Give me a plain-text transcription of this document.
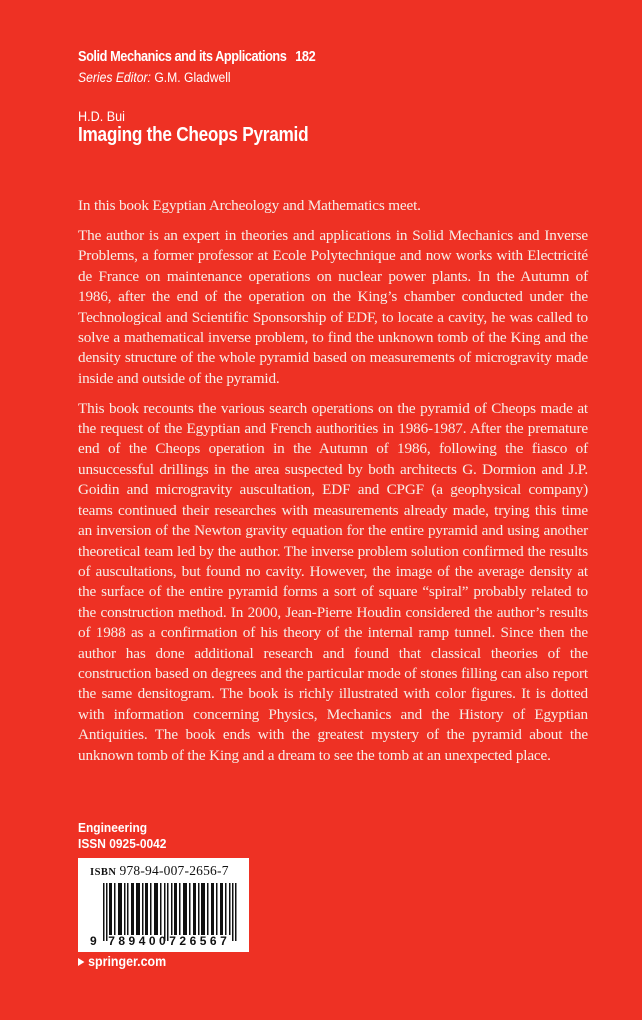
Solid Mechanics and its Applications 182
Series Editor: G.M. Gladwell
H.D. Bui
Imaging the Cheops Pyramid

In this book Egyptian Archeology and Mathematics meet.

The author is an expert in theories and applications in Solid Mechanics and Inverse Problems, a former professor at Ecole Polytechnique and now works with Electricité de France on maintenance operations on nuclear power plants. In the Autumn of 1986, after the end of the operation on the King’s chamber conducted under the Technological and Scientific Sponsorship of EDF, to locate a cavity, he was called to solve a mathematical inverse problem, to find the unknown tomb of the King and the density structure of the whole pyramid based on measurements of microgravity made inside and outside of the pyramid.

This book recounts the various search operations on the pyramid of Cheops made at the request of the Egyptian and French authorities in 1986-1987. After the premature end of the Cheops operation in the Autumn of 1986, following the fiasco of unsuccessful drillings in the area suspected by both architects G. Dormion and J.P. Goidin and microgravity auscultation, EDF and CPGF (a geophysical company) teams continued their researches with measurements already made, trying this time an inversion of the Newton gravity equation for the entire pyramid and using another theoretical team led by the author. The inverse problem solution confirmed the results of auscultations, but found no cavity. However, the image of the average density at the surface of the entire pyramid forms a sort of square “spiral” probably related to the construction method. In 2000, Jean-Pierre Houdin considered the author’s results of 1988 as a confirmation of his theory of the internal ramp tunnel. Since then the author has done additional research and found that classical theories of the construction based on degrees and the particular mode of stones filling can also report the same densitogram. The book is richly illustrated with color figures. It is dotted with information concerning Physics, Mechanics and the History of Egyptian Antiquities. The book ends with the greatest mystery of the pyramid about the unknown tomb of the King and a dream to see the tomb at an unexpected place.

Engineering
ISSN 0925-0042
ISBN 978-94-007-2656-7
9 789400726567
springer.com
